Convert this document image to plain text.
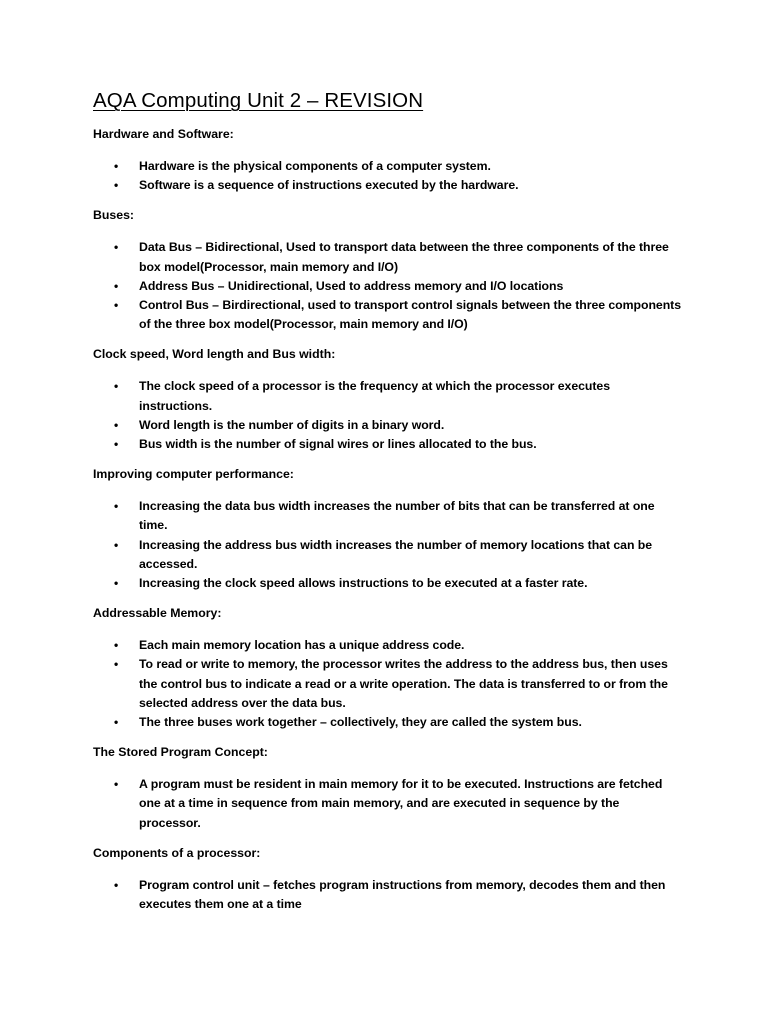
AQA Computing Unit 2 – REVISION
Hardware and Software:
• Hardware is the physical components of a computer system.
• Software is a sequence of instructions executed by the hardware.
Buses:
• Data Bus – Bidirectional, Used to transport data between the three components of the three box model(Processor, main memory and I/O)
• Address Bus – Unidirectional, Used to address memory and I/O locations
• Control Bus – Birdirectional, used to transport control signals between the three components of the three box model(Processor, main memory and I/O)
Clock speed, Word length and Bus width:
• The clock speed of a processor is the frequency at which the processor executes instructions.
• Word length is the number of digits in a binary word.
• Bus width is the number of signal wires or lines allocated to the bus.
Improving computer performance:
• Increasing the data bus width increases the number of bits that can be transferred at one time.
• Increasing the address bus width increases the number of memory locations that can be accessed.
• Increasing the clock speed allows instructions to be executed at a faster rate.
Addressable Memory:
• Each main memory location has a unique address code.
• To read or write to memory, the processor writes the address to the address bus, then uses the control bus to indicate a read or a write operation. The data is transferred to or from the selected address over the data bus.
• The three buses work together – collectively, they are called the system bus.
The Stored Program Concept:
• A program must be resident in main memory for it to be executed. Instructions are fetched one at a time in sequence from main memory, and are executed in sequence by the processor.
Components of a processor:
• Program control unit – fetches program instructions from memory, decodes them and then executes them one at a time
